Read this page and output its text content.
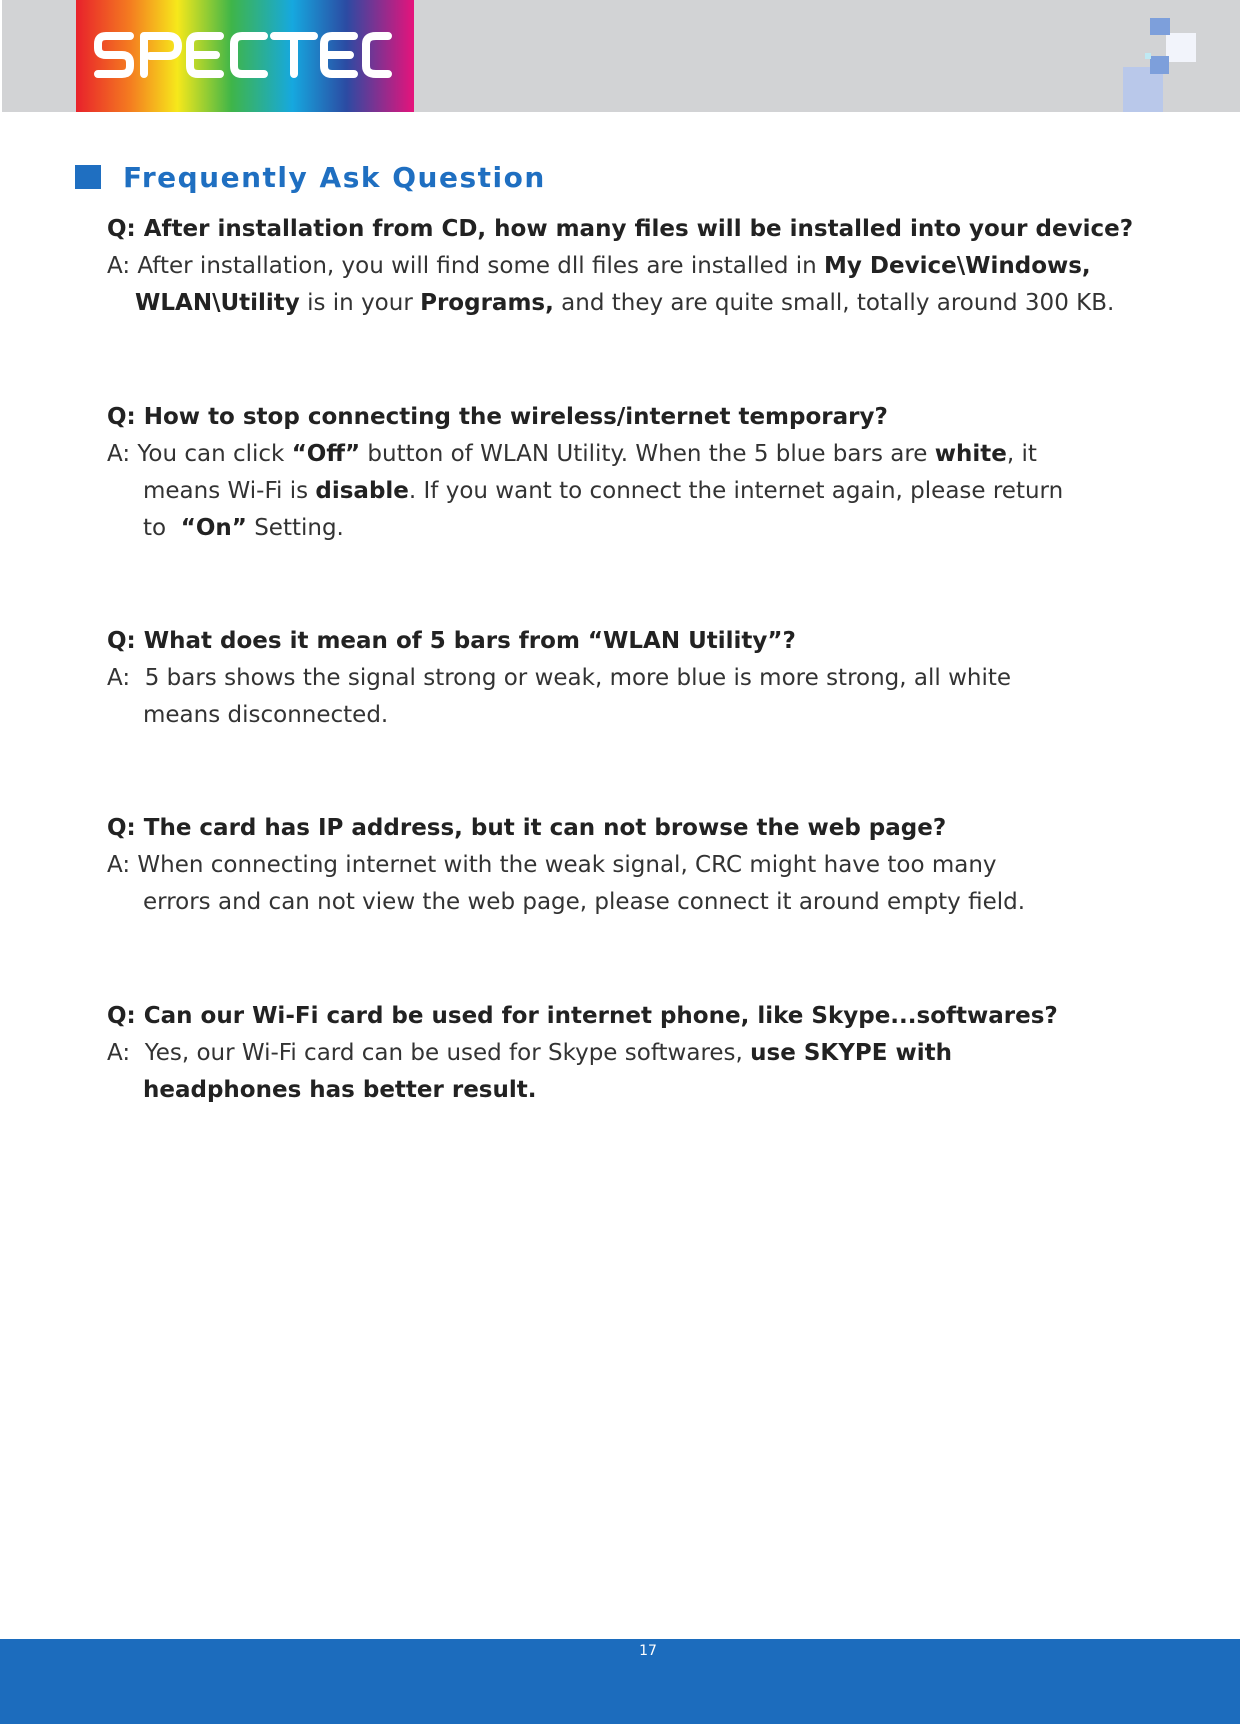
Frequently Ask Question
Q: After installation from CD, how many files will be installed into your device?
A: After installation, you will find some dll files are installed in My Device\Windows,
WLAN\Utility is in your Programs, and they are quite small, totally around 300 KB.
Q: How to stop connecting the wireless/internet temporary?
A: You can click “Off” button of WLAN Utility. When the 5 blue bars are white, it
means Wi-Fi is disable. If you want to connect the internet again, please return
to  “On” Setting.
Q: What does it mean of 5 bars from “WLAN Utility”?
A:  5 bars shows the signal strong or weak, more blue is more strong, all white
means disconnected.
Q: The card has IP address, but it can not browse the web page?
A: When connecting internet with the weak signal, CRC might have too many
errors and can not view the web page, please connect it around empty field.
Q: Can our Wi-Fi card be used for internet phone, like Skype...softwares?
A:  Yes, our Wi-Fi card can be used for Skype softwares, use SKYPE with
headphones has better result.
17
